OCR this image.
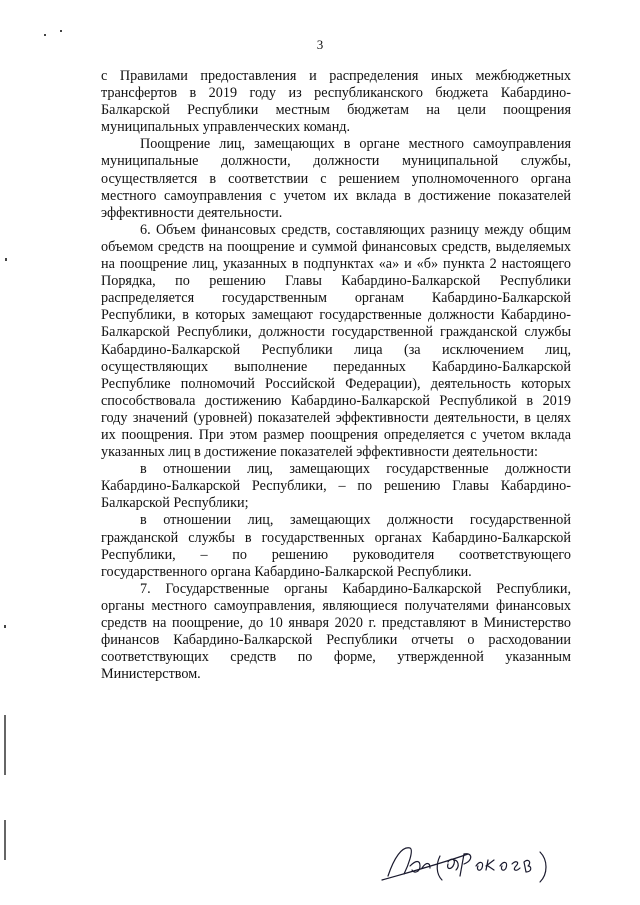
3

с Правилами предоставления и распределения иных межбюджетных трансфертов в 2019 году из республиканского бюджета Кабардино-Балкарской Республики местным бюджетам на цели поощрения муниципальных управленческих команд.

Поощрение лиц, замещающих в органе местного самоуправления муниципальные должности, должности муниципальной службы, осуществляется в соответствии с решением уполномоченного органа местного самоуправления с учетом их вклада в достижение показателей эффективности деятельности.

6. Объем финансовых средств, составляющих разницу между общим объемом средств на поощрение и суммой финансовых средств, выделяемых на поощрение лиц, указанных в подпунктах «а» и «б» пункта 2 настоящего Порядка, по решению Главы Кабардино-Балкарской Республики распределяется государственным органам Кабардино-Балкарской Республики, в которых замещают государственные должности Кабардино-Балкарской Республики, должности государственной гражданской службы Кабардино-Балкарской Республики лица (за исключением лиц, осуществляющих выполнение переданных Кабардино-Балкарской Республике полномочий Российской Федерации), деятельность которых способствовала достижению Кабардино-Балкарской Республикой в 2019 году значений (уровней) показателей эффективности деятельности, в целях их поощрения. При этом размер поощрения определяется с учетом вклада указанных лиц в достижение показателей эффективности деятельности:

в отношении лиц, замещающих государственные должности Кабардино-Балкарской Республики, – по решению Главы Кабардино-Балкарской Республики;

в отношении лиц, замещающих должности государственной гражданской службы в государственных органах Кабардино-Балкарской Республики, – по решению руководителя соответствующего государственного органа Кабардино-Балкарской Республики.

7. Государственные органы Кабардино-Балкарской Республики, органы местного самоуправления, являющиеся получателями финансовых средств на поощрение, до 10 января 2020 г. представляют в Министерство финансов Кабардино-Балкарской Республики отчеты о расходовании соответствующих средств по форме, утвержденной указанным Министерством.
